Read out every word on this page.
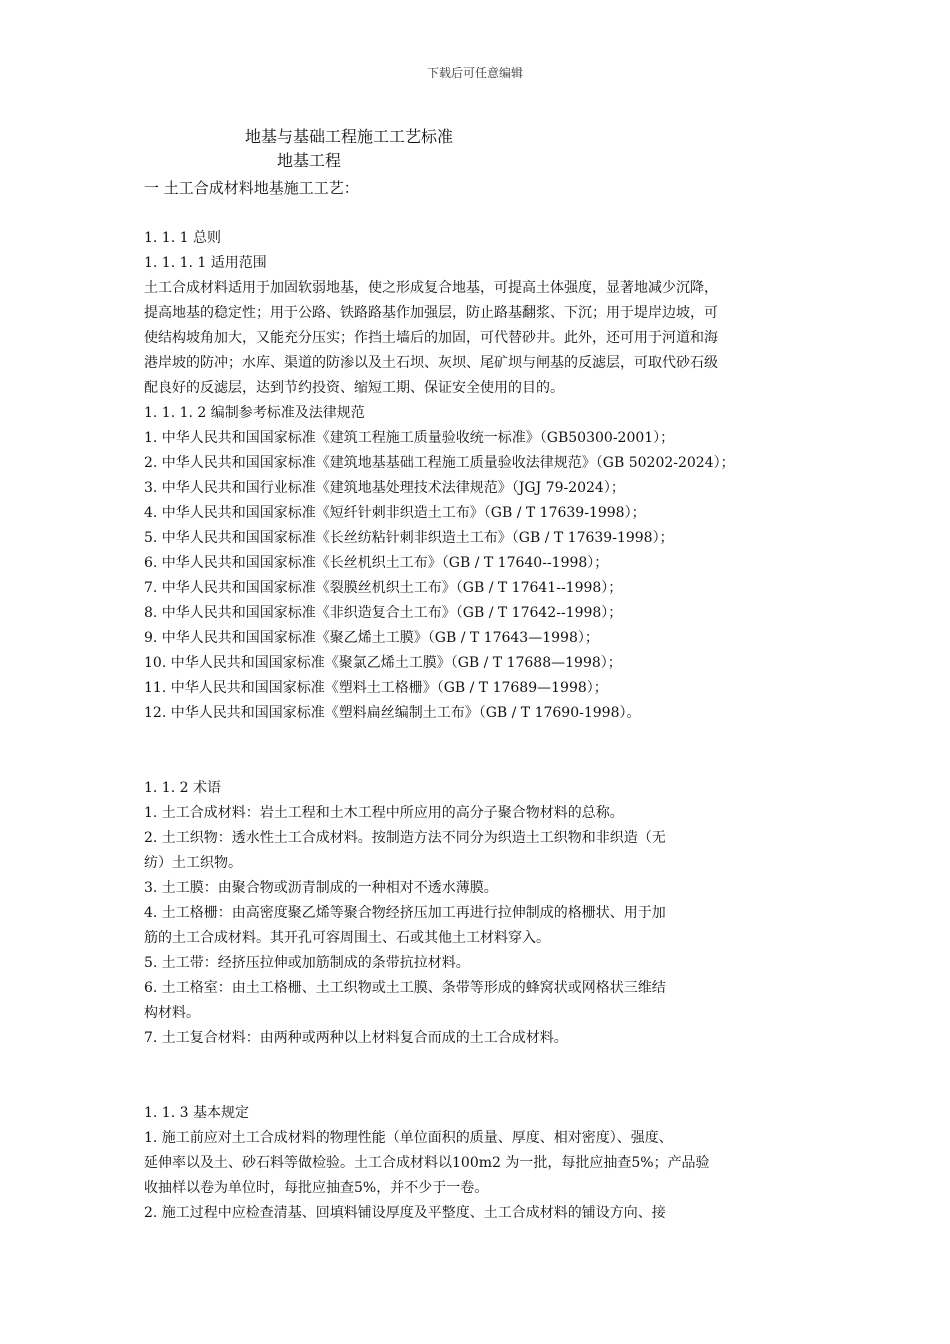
下载后可任意编辑
地基与基础工程施工工艺标准
地基工程
一 土工合成材料地基施工工艺：
1. 1. 1 总则
1. 1. 1. 1 适用范围
土工合成材料适用于加固软弱地基，使之形成复合地基，可提高土体强度，显著地减少沉降，
提高地基的稳定性；用于公路、铁路路基作加强层，防止路基翻浆、下沉；用于堤岸边坡，可
使结构坡角加大，又能充分压实；作挡土墙后的加固，可代替砂井。此外，还可用于河道和海
港岸坡的防冲；水库、渠道的防渗以及土石坝、灰坝、尾矿坝与闸基的反滤层，可取代砂石级
配良好的反滤层，达到节约投资、缩短工期、保证安全使用的目的。
1. 1. 1. 2 编制参考标准及法律规范
1. 中华人民共和国国家标准《建筑工程施工质量验收统一标准》（GB50300-2001）；
2. 中华人民共和国国家标准《建筑地基基础工程施工质量验收法律规范》（GB 50202-2024）；
3. 中华人民共和国行业标准《建筑地基处理技术法律规范》（JGJ 79-2024）；
4. 中华人民共和国国家标准《短纤针刺非织造土工布》（GB / T 17639-1998）；
5. 中华人民共和国国家标准《长丝纺粘针刺非织造土工布》（GB / T 17639-1998）；
6. 中华人民共和国国家标准《长丝机织土工布》（GB / T 17640--1998）；
7. 中华人民共和国国家标准《裂膜丝机织土工布》（GB / T 17641--1998）；
8. 中华人民共和国国家标准《非织造复合土工布》（GB / T 17642--1998）；
9. 中华人民共和国国家标准《聚乙烯土工膜》（GB / T 17643—1998）；
10. 中华人民共和国国家标准《聚氯乙烯土工膜》（GB / T 17688—1998）；
11. 中华人民共和国国家标准《塑料土工格栅》（GB / T 17689—1998）；
12. 中华人民共和国国家标准《塑料扁丝编制土工布》（GB / T 17690-1998）。
1. 1. 2 术语
1. 土工合成材料：岩土工程和土木工程中所应用的高分子聚合物材料的总称。
2. 土工织物：透水性土工合成材料。按制造方法不同分为织造土工织物和非织造（无
纺）土工织物。
3. 土工膜：由聚合物或沥青制成的一种相对不透水薄膜。
4. 土工格栅：由高密度聚乙烯等聚合物经挤压加工再进行拉伸制成的格栅状、用于加
筋的土工合成材料。其开孔可容周围土、石或其他土工材料穿入。
5. 土工带：经挤压拉伸或加筋制成的条带抗拉材料。
6. 土工格室：由土工格栅、土工织物或土工膜、条带等形成的蜂窝状或网格状三维结
构材料。
7. 土工复合材料：由两种或两种以上材料复合而成的土工合成材料。
1. 1. 3 基本规定
1. 施工前应对土工合成材料的物理性能（单位面积的质量、厚度、相对密度）、强度、
延伸率以及土、砂石料等做检验。土工合成材料以100m2 为一批，每批应抽查5%；产品验
收抽样以卷为单位时，每批应抽查5%，并不少于一卷。
2. 施工过程中应检查清基、回填料铺设厚度及平整度、土工合成材料的铺设方向、接
